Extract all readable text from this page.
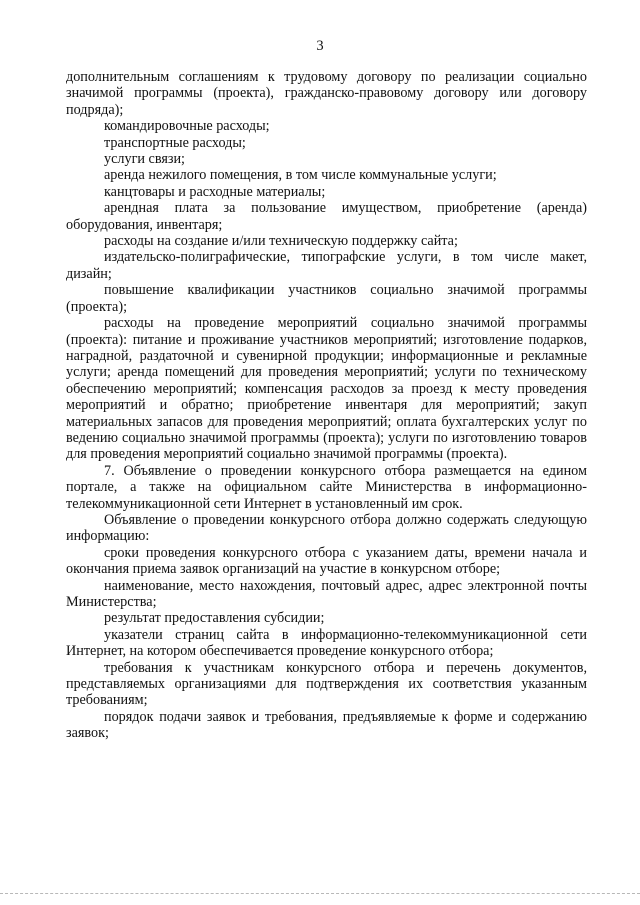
3

дополнительным соглашениям к трудовому договору по реализации социально значимой программы (проекта), гражданско-правовому договору или договору подряда);

командировочные расходы;

транспортные расходы;

услуги связи;

аренда нежилого помещения, в том числе коммунальные услуги;

канцтовары и расходные материалы;

арендная плата за пользование имуществом, приобретение (аренда) оборудования, инвентаря;

расходы на создание и/или техническую поддержку сайта;

издательско-полиграфические, типографские услуги, в том числе макет, дизайн;

повышение квалификации участников социально значимой программы (проекта);

расходы на проведение мероприятий социально значимой программы (проекта): питание и проживание участников мероприятий; изготовление подарков, наградной, раздаточной и сувенирной продукции; информационные и рекламные услуги; аренда помещений для проведения мероприятий; услуги по техническому обеспечению мероприятий; компенсация расходов за проезд к месту проведения мероприятий и обратно; приобретение инвентаря для мероприятий; закуп материальных запасов для проведения мероприятий; оплата бухгалтерских услуг по ведению социально значимой программы (проекта); услуги по изготовлению товаров для проведения мероприятий социально значимой программы (проекта).

7. Объявление о проведении конкурсного отбора размещается на едином портале, а также на официальном сайте Министерства в информационно-телекоммуникационной сети Интернет в установленный им срок.

Объявление о проведении конкурсного отбора должно содержать следующую информацию:

сроки проведения конкурсного отбора с указанием даты, времени начала и окончания приема заявок организаций на участие в конкурсном отборе;

наименование, место нахождения, почтовый адрес, адрес электронной почты Министерства;

результат предоставления субсидии;

указатели страниц сайта в информационно-телекоммуникационной сети Интернет, на котором обеспечивается проведение конкурсного отбора;

требования к участникам конкурсного отбора и перечень документов, представляемых организациями для подтверждения их соответствия указанным требованиям;

порядок подачи заявок и требования, предъявляемые к форме и содержанию заявок;
